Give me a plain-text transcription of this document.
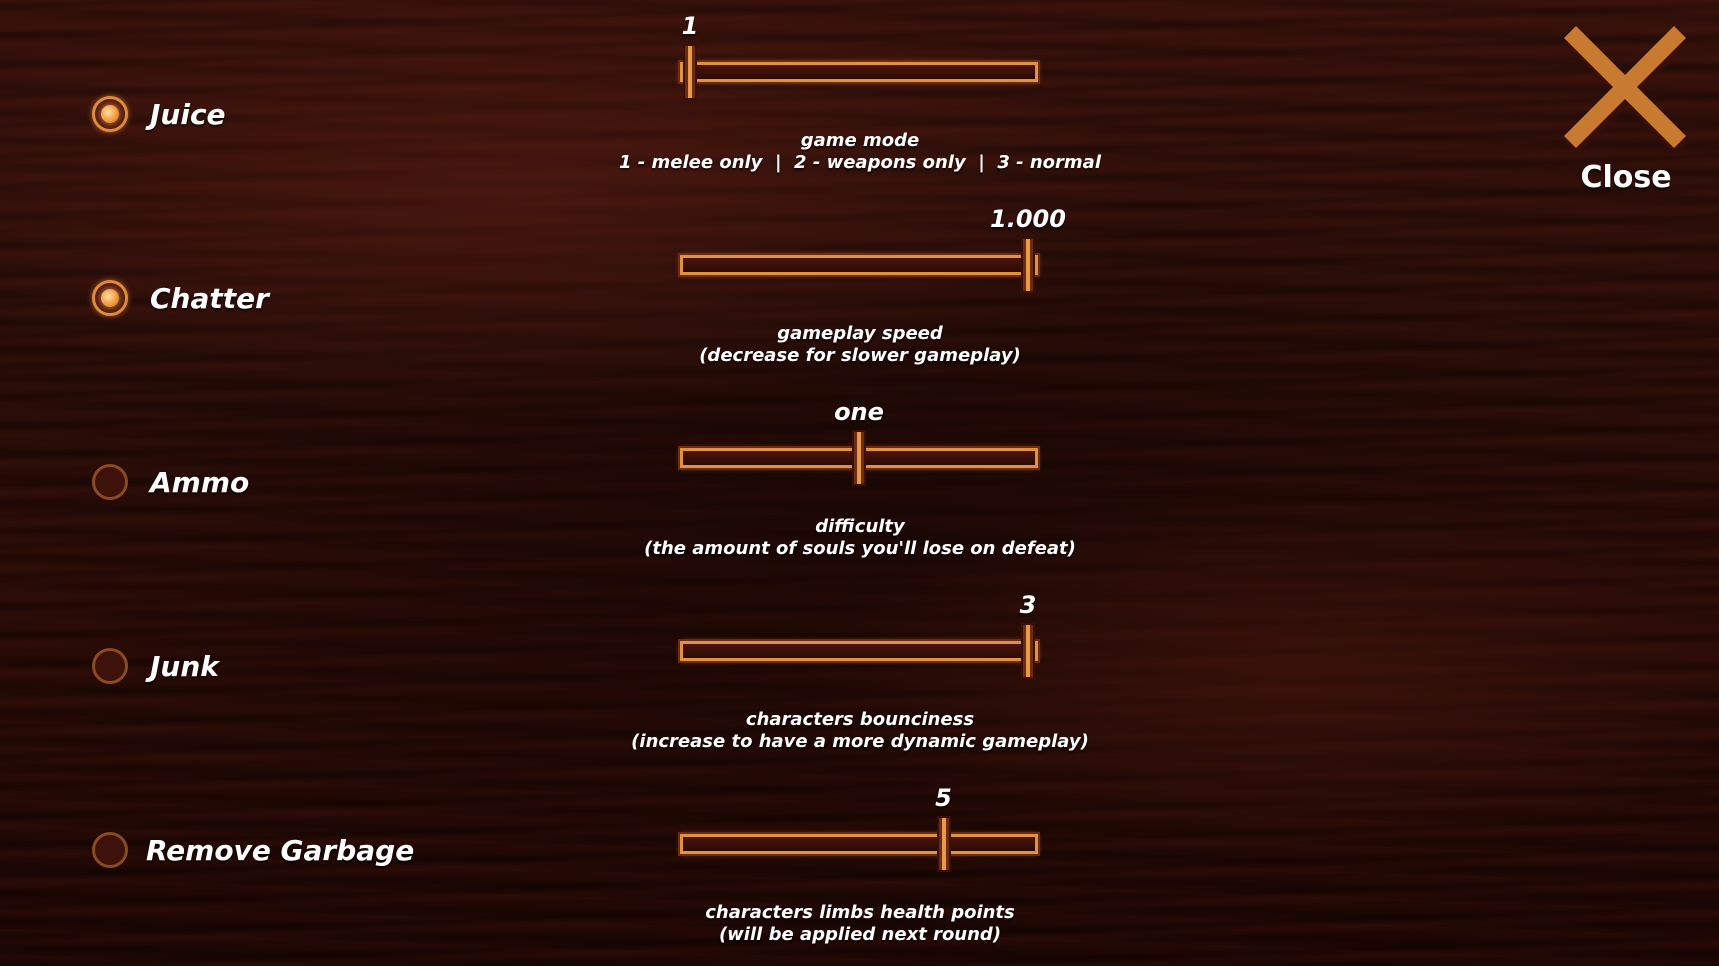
Juice
Chatter
Ammo
Junk
Remove Garbage
1
game mode
1 - melee only  |  2 - weapons only  |  3 - normal
1.000
gameplay speed
(decrease for slower gameplay)
one
difficulty
(the amount of souls you'll lose on defeat)
3
characters bounciness
(increase to have a more dynamic gameplay)
5
characters limbs health points
(will be applied next round)
Close
